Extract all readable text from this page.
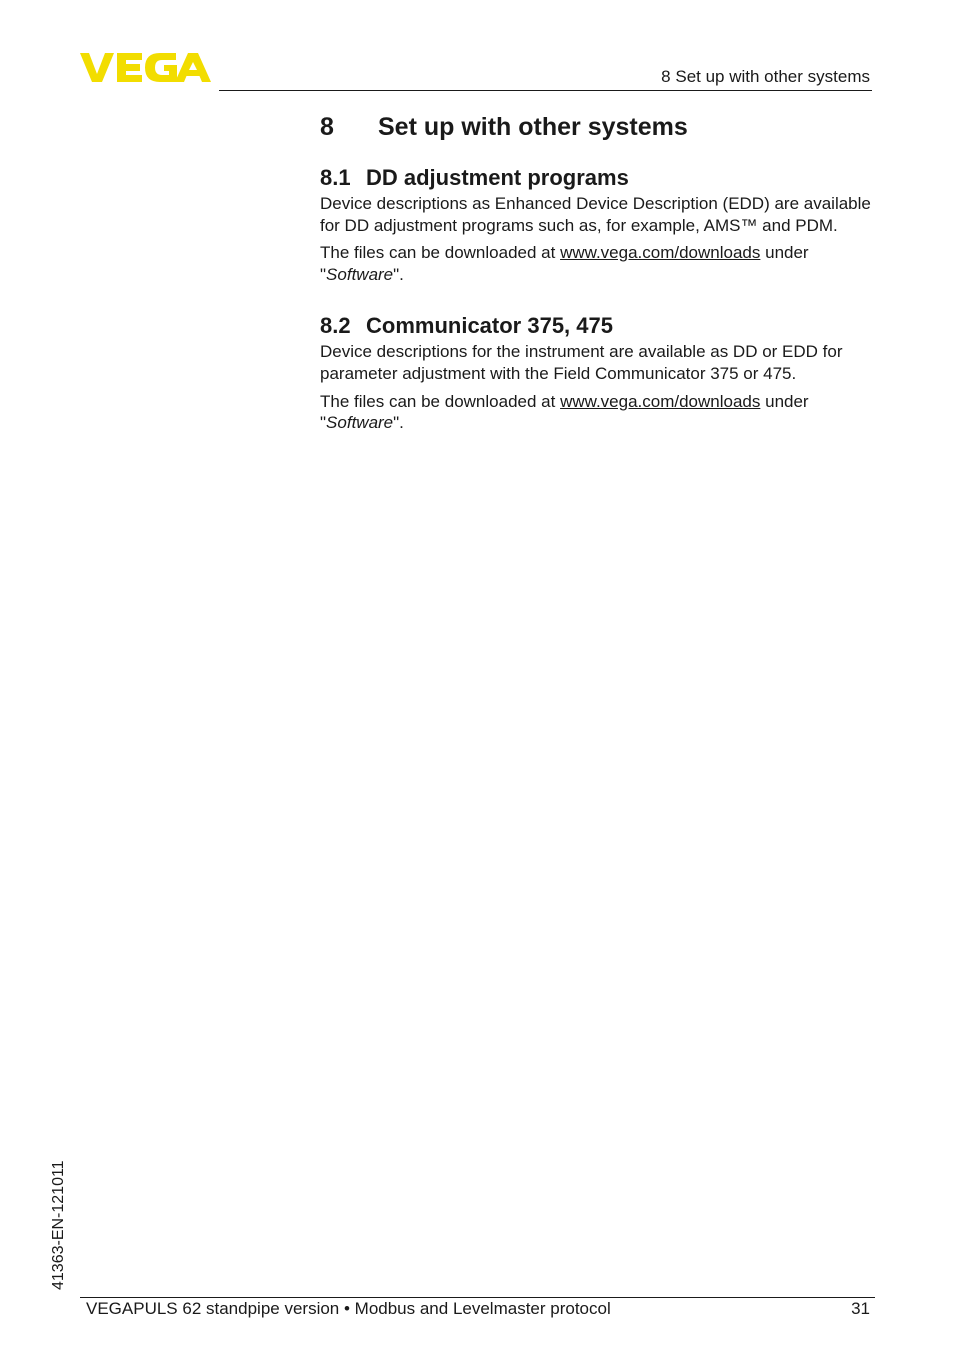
8 Set up with other systems
8 Set up with other systems
8.1 DD adjustment programs

Device descriptions as Enhanced Device Description (EDD) are available for DD adjustment programs such as, for example, AMS™ and PDM.

The files can be downloaded at www.vega.com/downloads under
"Software".

8.2 Communicator 375, 475

Device descriptions for the instrument are available as DD or EDD for parameter adjustment with the Field Communicator 375 or 475.

The files can be downloaded at www.vega.com/downloads under
"Software".

41363-EN-121011
VEGAPULS 62 standpipe version • Modbus and Levelmaster protocol	31
